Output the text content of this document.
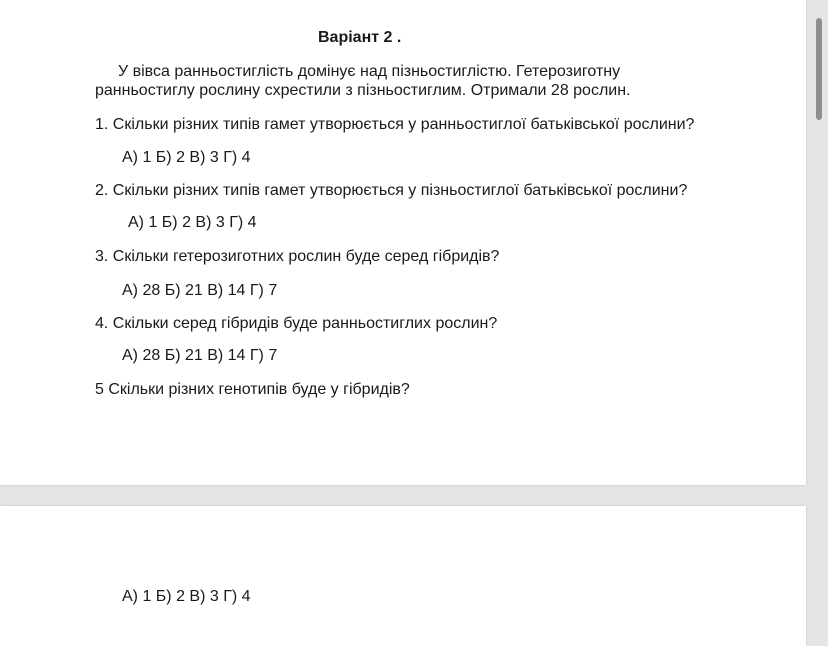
Варіант 2 .
У вівса ранньостиглість домінує над пізньостиглістю. Гетерозиготну
ранньостиглу рослину схрестили з пізньостиглим. Отримали 28 рослин.
1. Скільки різних типів гамет утворюється у ранньостиглої батьківської рослини?
А) 1 Б) 2 В) 3 Г) 4
2. Скільки різних типів гамет утворюється у пізньостиглої батьківської рослини?
А) 1 Б) 2 В) 3 Г) 4
3. Скільки гетерозиготних рослин буде серед гібридів?
А) 28 Б) 21 В) 14 Г) 7
4. Скільки серед гібридів буде ранньостиглих рослин?
А) 28 Б) 21 В) 14 Г) 7
5 Скільки різних генотипів буде у гібридів?
А) 1 Б) 2 В) 3 Г) 4
